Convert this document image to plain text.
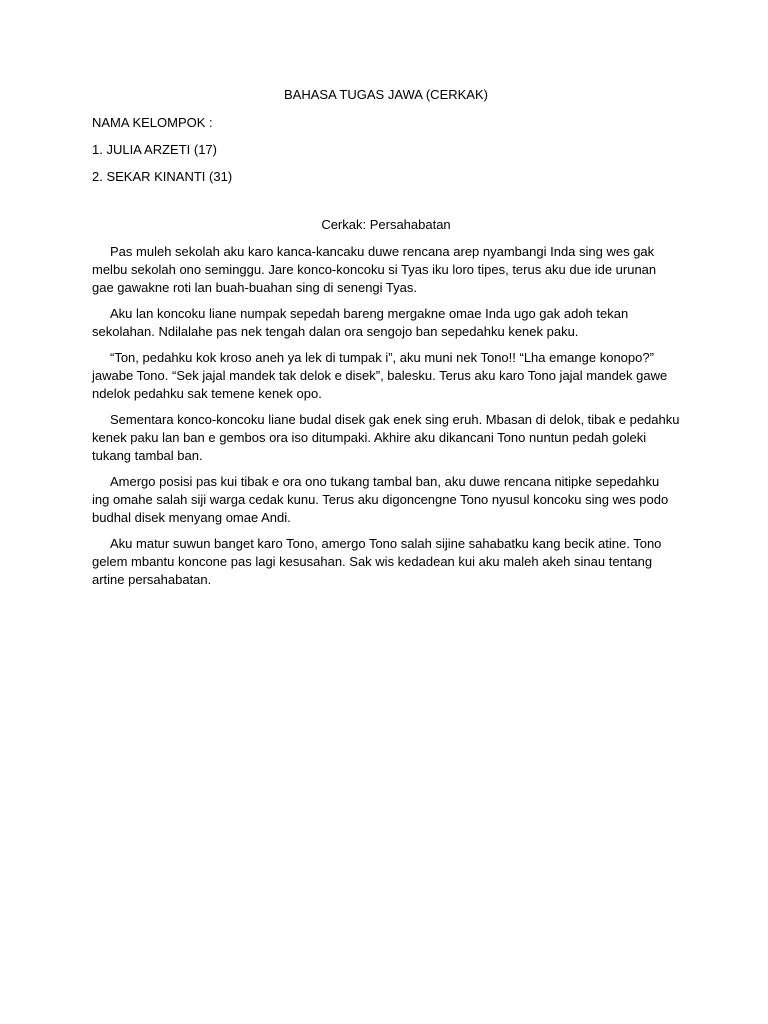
BAHASA TUGAS JAWA (CERKAK)
NAMA KELOMPOK :
1. JULIA ARZETI (17)
2. SEKAR KINANTI (31)
Cerkak: Persahabatan

Pas muleh sekolah aku karo kanca-kancaku duwe rencana arep nyambangi Inda sing wes gak melbu sekolah ono seminggu. Jare konco-koncoku si Tyas iku loro tipes, terus aku due ide urunan gae gawakne roti lan buah-buahan sing di senengi Tyas.

Aku lan koncoku liane numpak sepedah bareng mergakne omae Inda ugo gak adoh tekan sekolahan. Ndilalahe pas nek tengah dalan ora sengojo ban sepedahku kenek paku.

“Ton, pedahku kok kroso aneh ya lek di tumpak i”, aku muni nek Tono!! “Lha emange konopo?” jawabe Tono. “Sek jajal mandek tak delok e disek”, balesku. Terus aku karo Tono jajal mandek gawe ndelok pedahku sak temene kenek opo.

Sementara konco-koncoku liane budal disek gak enek sing eruh. Mbasan di delok, tibak e pedahku kenek paku lan ban e gembos ora iso ditumpaki. Akhire aku dikancani Tono nuntun pedah goleki tukang tambal ban.

Amergo posisi pas kui tibak e ora ono tukang tambal ban, aku duwe rencana nitipke sepedahku ing omahe salah siji warga cedak kunu. Terus aku digoncengne Tono nyusul koncoku sing wes podo budhal disek menyang omae Andi.

Aku matur suwun banget karo Tono, amergo Tono salah sijine sahabatku kang becik atine. Tono gelem mbantu koncone pas lagi kesusahan. Sak wis kedadean kui aku maleh akeh sinau tentang artine persahabatan.
